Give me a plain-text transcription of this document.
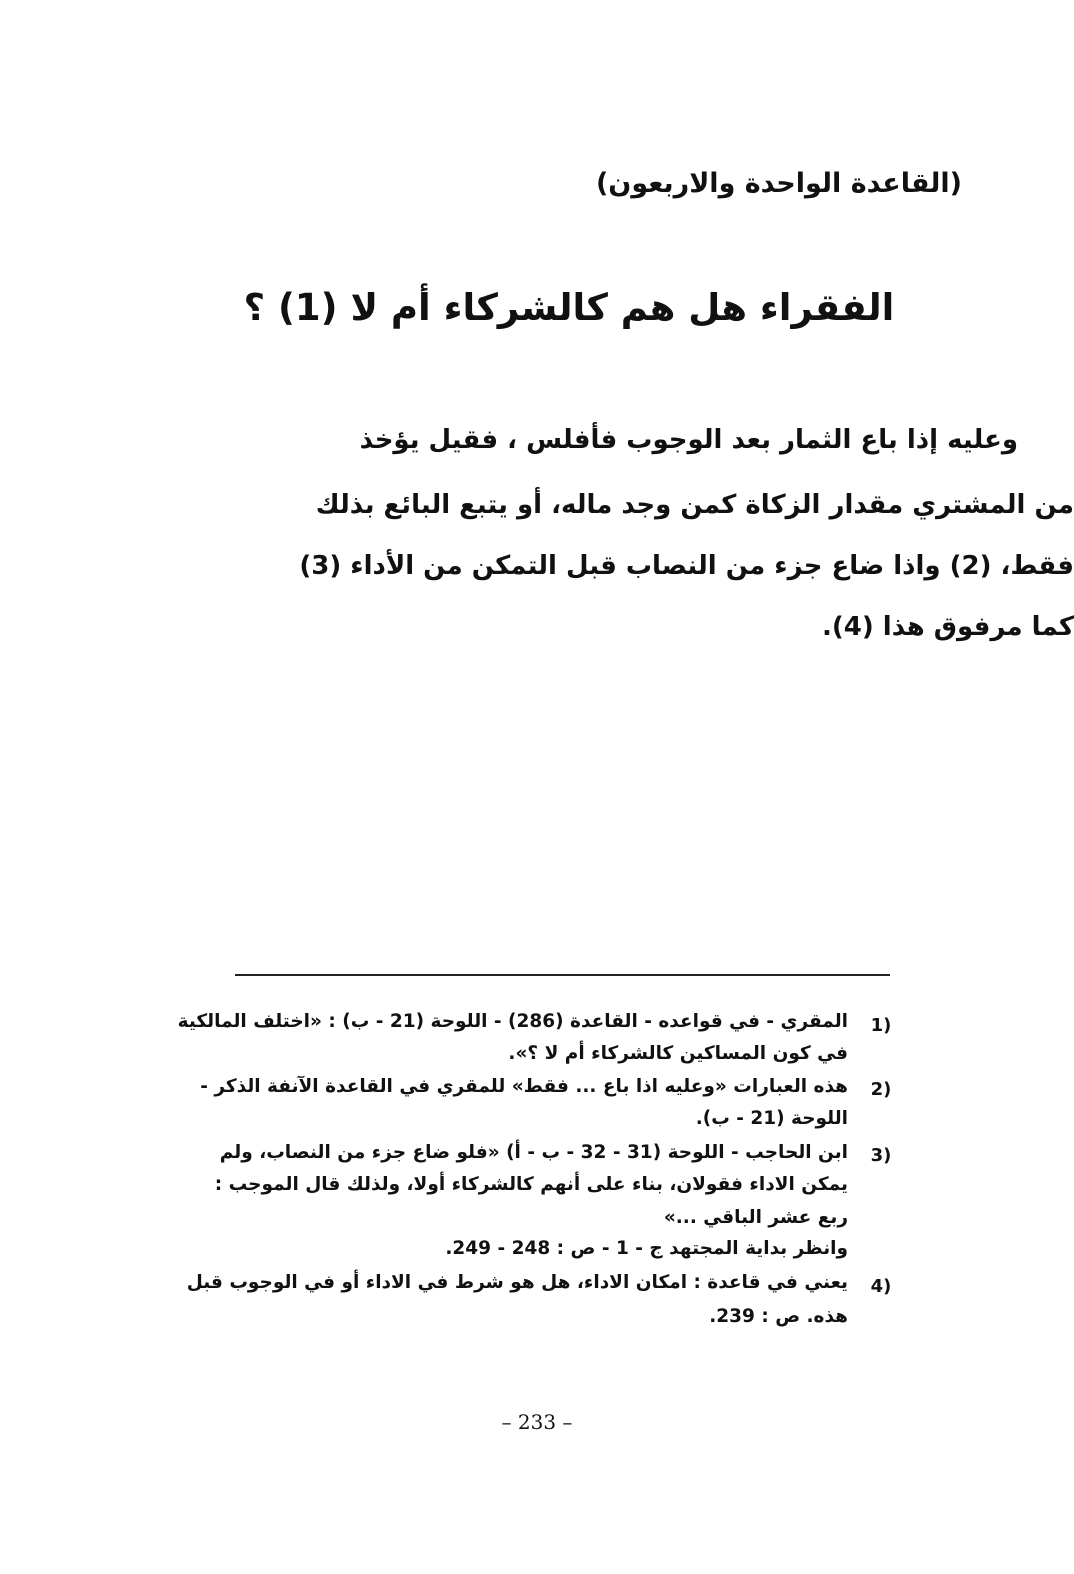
(القاعدة الواحدة والاربعون)
الفقراء هل هم كالشركاء أم لا (1) ؟
وعليه إذا باع الثمار بعد الوجوب فأفلس ، فقيل يؤخذ
من المشتري مقدار الزكاة كمن وجد ماله، أو يتبع البائع بذلك
فقط، (2) واذا ضاع جزء من النصاب قبل التمكن من الأداء (3)
كما مرفوق هذا (4).
1)
المقري - في قواعده - القاعدة (286) - اللوحة (21 - ب) : «اختلف المالكية
في كون المساكين كالشركاء أم لا ؟».
2)
هذه العبارات «وعليه اذا باع ... فقط» للمقري في القاعدة الآنفة الذكر -
اللوحة (21 - ب).
3)
ابن الحاجب - اللوحة (31 - 32 - ب - أ) «فلو ضاع جزء من النصاب، ولم
يمكن الاداء فقولان، بناء على أنهم كالشركاء أولا، ولذلك قال الموجب :
ربع عشر الباقي ...»
وانظر بداية المجتهد ج - 1 - ص : 248 - 249.
4)
يعني في قاعدة : امكان الاداء، هل هو شرط في الاداء أو في الوجوب قبل
هذه. ص : 239.
– 233 –
